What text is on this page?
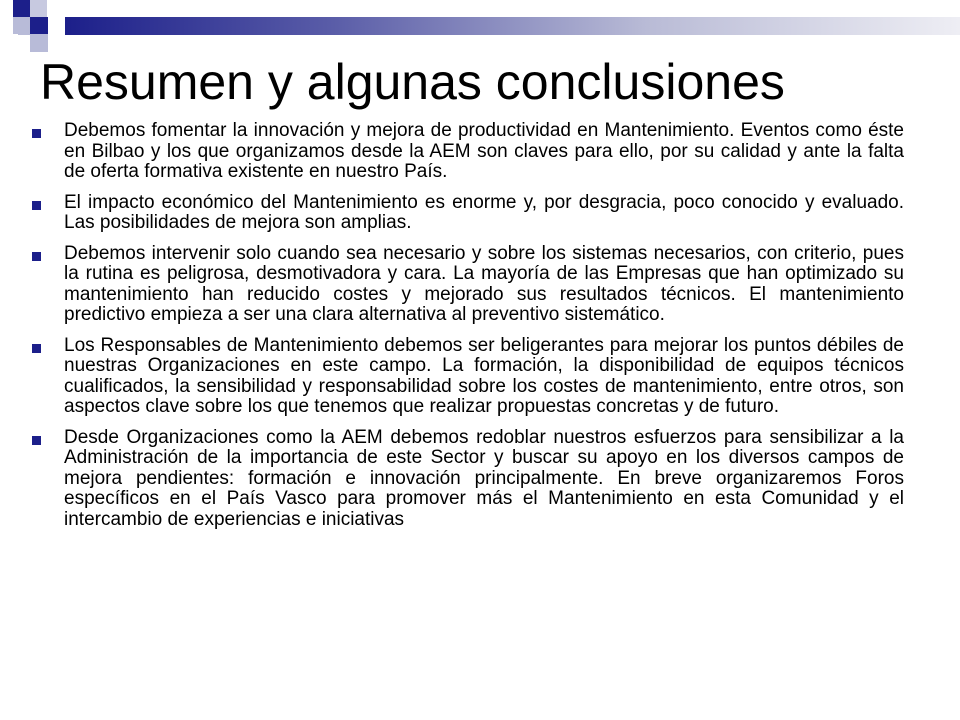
Resumen y algunas conclusiones
Debemos fomentar la innovación y mejora de productividad en Mantenimiento. Eventos como éste en Bilbao y los que organizamos desde la AEM son claves para ello, por su calidad y ante la falta de oferta formativa existente en nuestro País.
El impacto económico del Mantenimiento es enorme y, por desgracia, poco conocido y evaluado. Las posibilidades de mejora son amplias.
Debemos intervenir solo cuando sea necesario y sobre los sistemas necesarios, con criterio, pues la rutina es peligrosa, desmotivadora y cara. La mayoría de las Empresas que han optimizado su mantenimiento han reducido costes y mejorado sus resultados técnicos. El mantenimiento predictivo empieza a ser una clara alternativa al preventivo sistemático.
Los Responsables de Mantenimiento debemos ser beligerantes para mejorar los puntos débiles de nuestras Organizaciones en este campo. La formación, la disponibilidad de equipos técnicos cualificados, la sensibilidad y responsabilidad sobre los costes de mantenimiento, entre otros, son aspectos clave sobre los que tenemos que realizar propuestas concretas y de futuro.
Desde Organizaciones como la AEM debemos redoblar nuestros esfuerzos para sensibilizar a la Administración de la importancia de este Sector y buscar su apoyo en los diversos campos de mejora pendientes: formación e innovación principalmente. En breve organizaremos Foros específicos en el País Vasco para promover más el Mantenimiento en esta Comunidad y el intercambio de experiencias e iniciativas
